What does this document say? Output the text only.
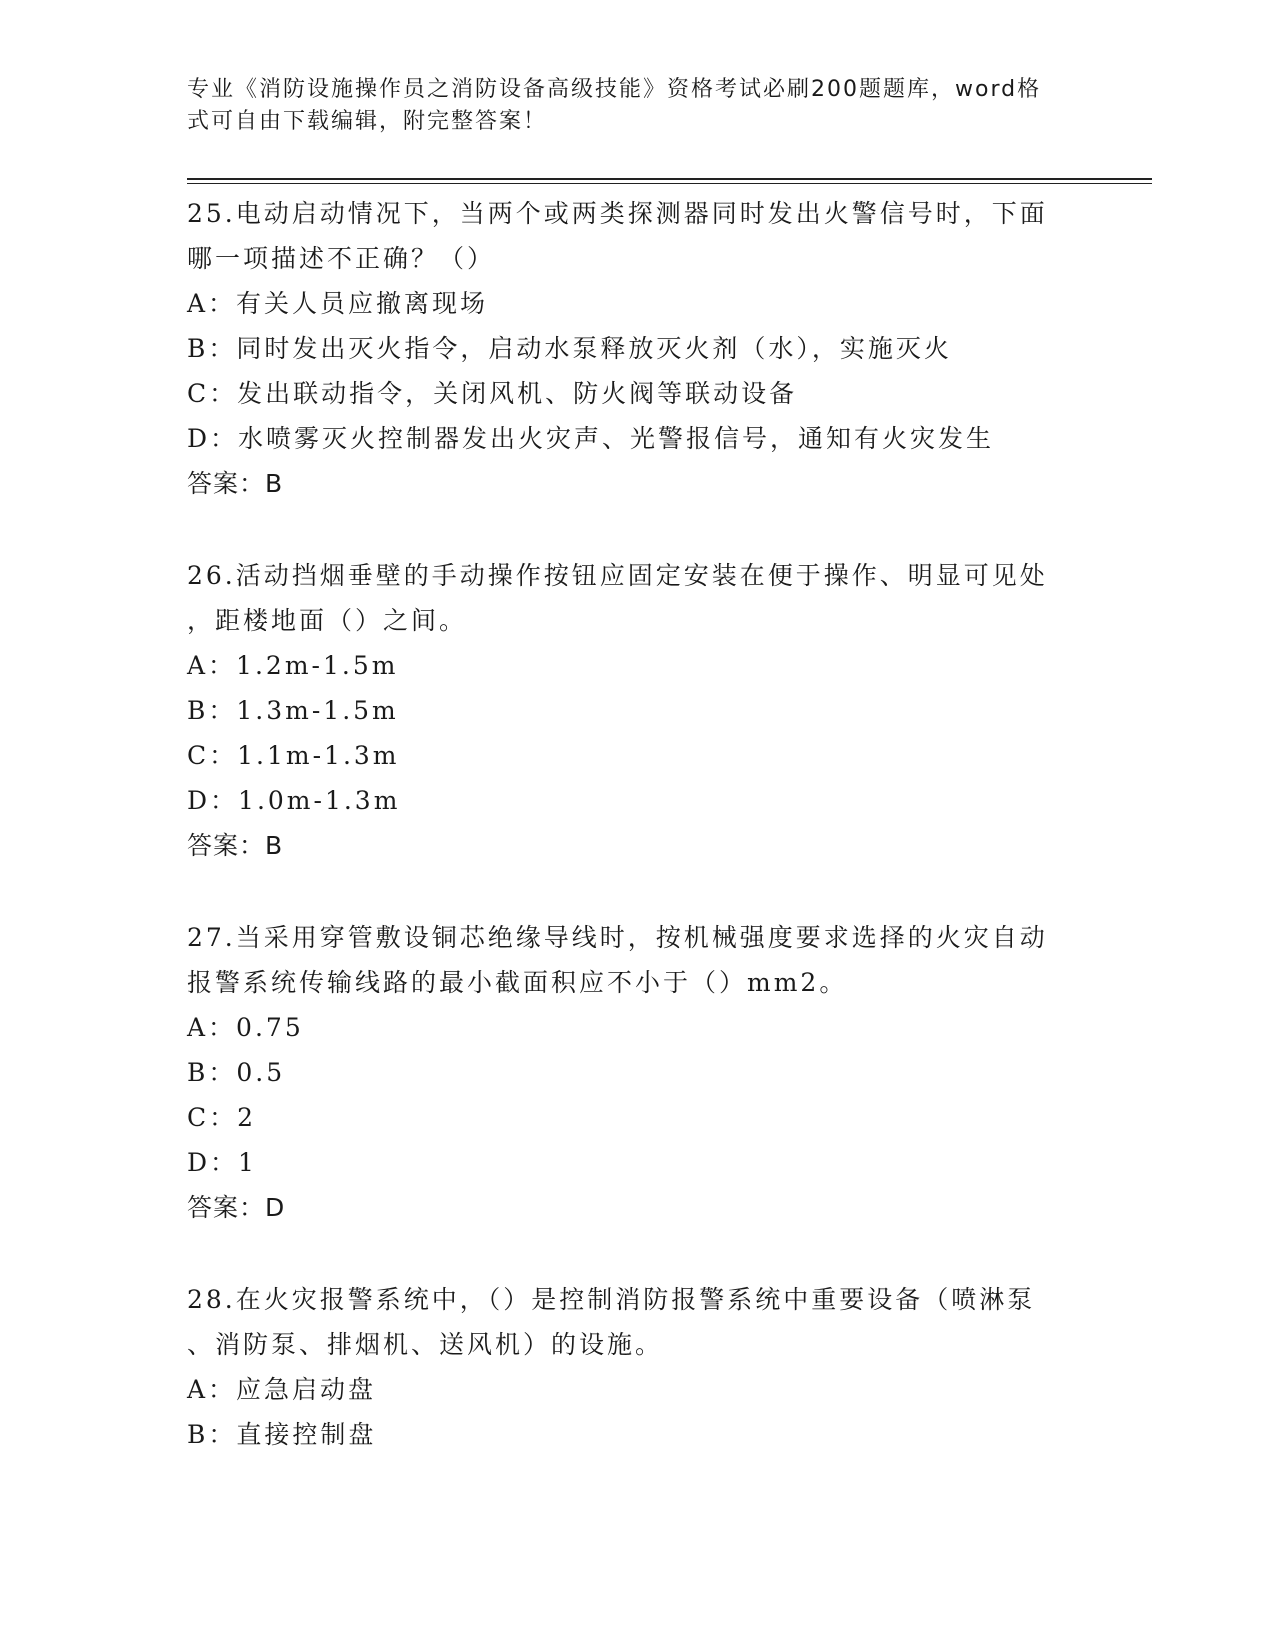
专业《消防设施操作员之消防设备高级技能》资格考试必刷200题题库，word格
式可自由下载编辑，附完整答案！

25.电动启动情况下，当两个或两类探测器同时发出火警信号时，下面

哪一项描述不正确？（）

A：有关人员应撤离现场

B：同时发出灭火指令，启动水泵释放灭火剂（水），实施灭火

C：发出联动指令，关闭风机、防火阀等联动设备

D：水喷雾灭火控制器发出火灾声、光警报信号，通知有火灾发生

答案：B

26.活动挡烟垂壁的手动操作按钮应固定安装在便于操作、明显可见处

，距楼地面（）之间。

A：1.2m-1.5m

B：1.3m-1.5m

C：1.1m-1.3m

D：1.0m-1.3m

答案：B

27.当采用穿管敷设铜芯绝缘导线时，按机械强度要求选择的火灾自动

报警系统传输线路的最小截面积应不小于（）mm2。

A：0.75

B：0.5

C：2

D：1

答案：D

28.在火灾报警系统中，（）是控制消防报警系统中重要设备（喷淋泵

、消防泵、排烟机、送风机）的设施。

A：应急启动盘

B：直接控制盘
